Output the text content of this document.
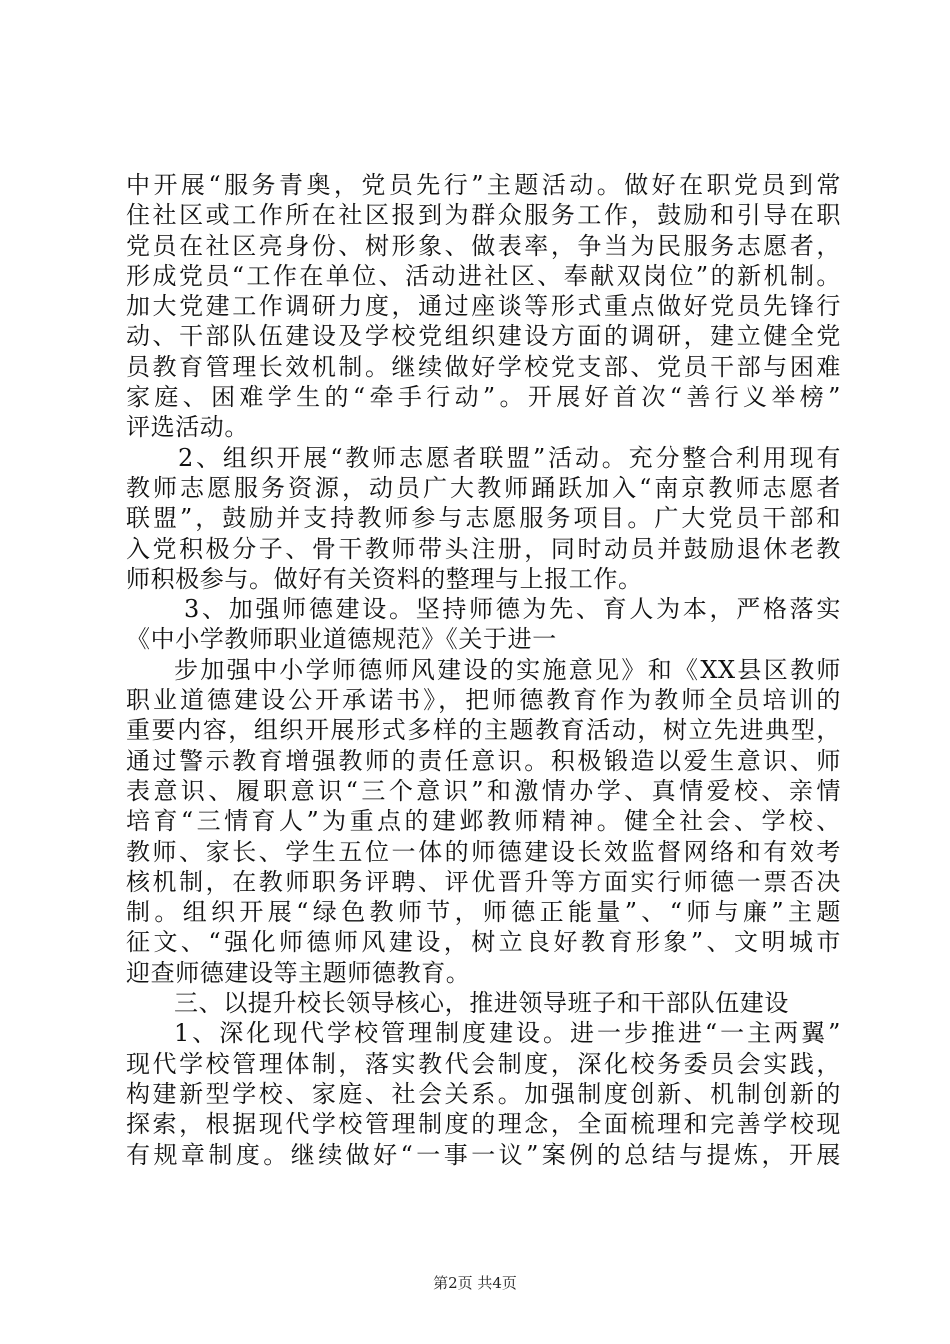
中开展“服务青奥，党员先行”主题活动。做好在职党员到常
住社区或工作所在社区报到为群众服务工作，鼓励和引导在职
党员在社区亮身份、树形象、做表率，争当为民服务志愿者，
形成党员“工作在单位、活动进社区、奉献双岗位”的新机制。
加大党建工作调研力度，通过座谈等形式重点做好党员先锋行
动、干部队伍建设及学校党组织建设方面的调研，建立健全党
员教育管理长效机制。继续做好学校党支部、党员干部与困难
家庭、困难学生的“牵手行动”。开展好首次“善行义举榜”
评选活动。
2、组织开展“教师志愿者联盟”活动。充分整合利用现有
教师志愿服务资源，动员广大教师踊跃加入“南京教师志愿者
联盟”，鼓励并支持教师参与志愿服务项目。广大党员干部和
入党积极分子、骨干教师带头注册，同时动员并鼓励退休老教
师积极参与。做好有关资料的整理与上报工作。
3、加强师德建设。坚持师德为先、育人为本，严格落实
《中小学教师职业道德规范》《关于进一
步加强中小学师德师风建设的实施意见》和《XX县区教师
职业道德建设公开承诺书》，把师德教育作为教师全员培训的
重要内容，组织开展形式多样的主题教育活动，树立先进典型，
通过警示教育增强教师的责任意识。积极锻造以爱生意识、师
表意识、履职意识“三个意识”和激情办学、真情爱校、亲情
培育“三情育人”为重点的建邺教师精神。健全社会、学校、
教师、家长、学生五位一体的师德建设长效监督网络和有效考
核机制，在教师职务评聘、评优晋升等方面实行师德一票否决
制。组织开展“绿色教师节，师德正能量”、“师与廉”主题
征文、“强化师德师风建设，树立良好教育形象”、文明城市
迎查师德建设等主题师德教育。
三、以提升校长领导核心，推进领导班子和干部队伍建设
1、深化现代学校管理制度建设。进一步推进“一主两翼”
现代学校管理体制，落实教代会制度，深化校务委员会实践，
构建新型学校、家庭、社会关系。加强制度创新、机制创新的
探索，根据现代学校管理制度的理念，全面梳理和完善学校现
有规章制度。继续做好“一事一议”案例的总结与提炼，开展
第2页 共4页
